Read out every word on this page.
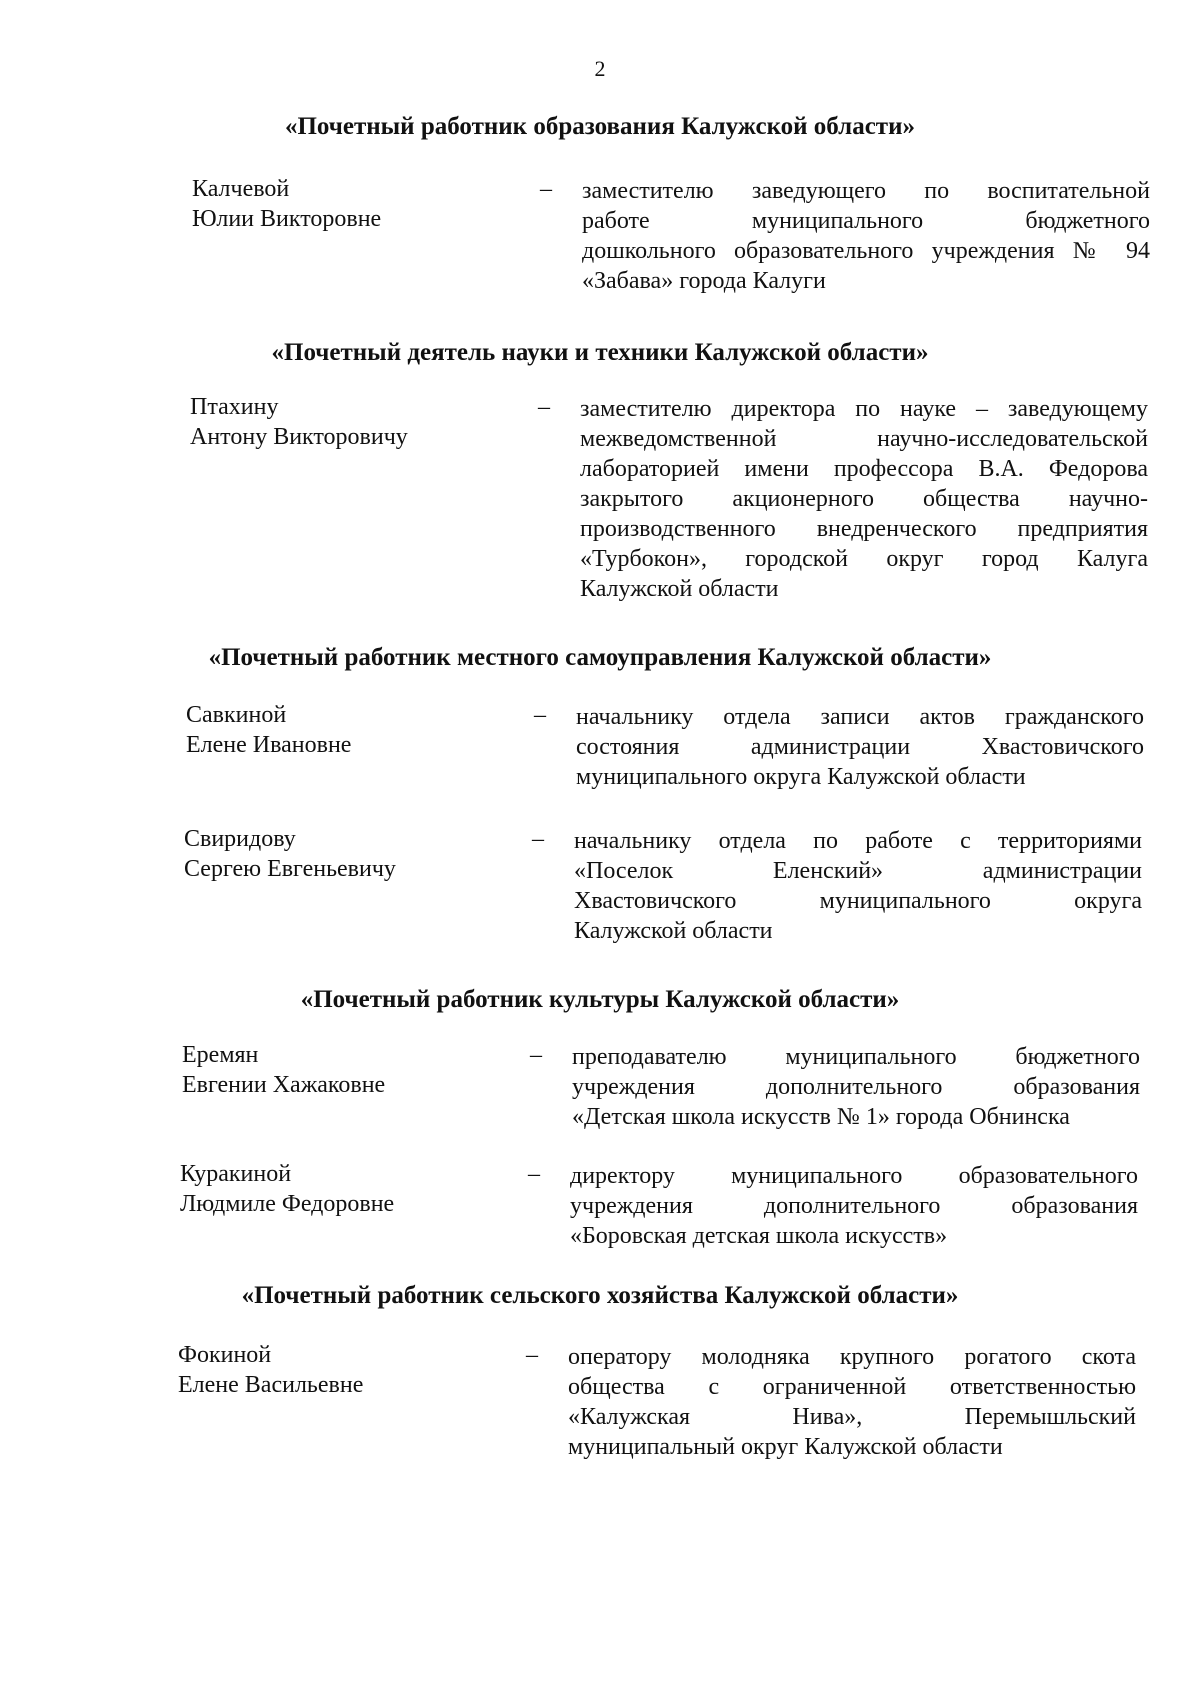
2
«Почетный работник образования Калужской области»
Калчевой
Юлии Викторовне
– заместителю заведующего по воспитательной
работе муниципального бюджетного
дошкольного образовательного учреждения № 94
«Забава» города Калуги
«Почетный деятель науки и техники Калужской области»
Птахину
Антону Викторовичу
– заместителю директора по науке – заведующему
межведомственной научно-исследовательской
лабораторией имени профессора В.А. Федорова
закрытого акционерного общества научно-
производственного внедренческого предприятия
«Турбокон», городской округ город Калуга
Калужской области
«Почетный работник местного самоуправления Калужской области»
Савкиной
Елене Ивановне
– начальнику отдела записи актов гражданского
состояния администрации Хвастовичского
муниципального округа Калужской области
Свиридову
Сергею Евгеньевичу
– начальнику отдела по работе с территориями
«Поселок Еленский» администрации
Хвастовичского муниципального округа
Калужской области
«Почетный работник культуры Калужской области»
Еремян
Евгении Хажаковне
– преподавателю муниципального бюджетного
учреждения дополнительного образования
«Детская школа искусств № 1» города Обнинска
Куракиной
Людмиле Федоровне
– директору муниципального образовательного
учреждения дополнительного образования
«Боровская детская школа искусств»
«Почетный работник сельского хозяйства Калужской области»
Фокиной
Елене Васильевне
– оператору молодняка крупного рогатого скота
общества с ограниченной ответственностью
«Калужская Нива», Перемышльский
муниципальный округ Калужской области
